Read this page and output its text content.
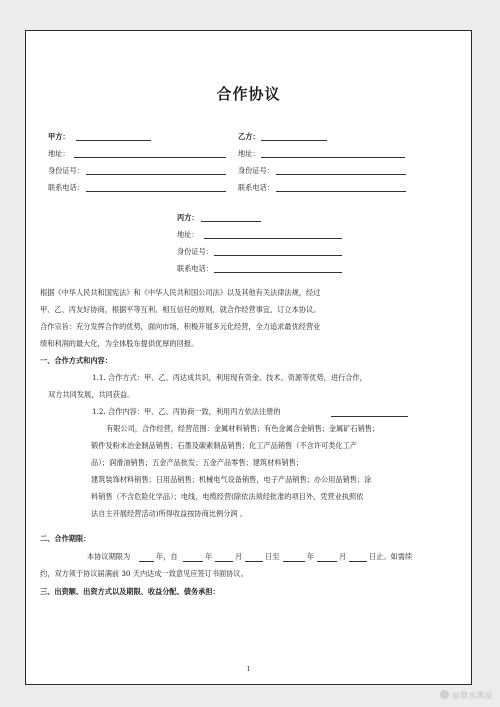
合作协议
甲方：	乙方：
地址：	地址：
身份证号：	身份证号：
联系电话：	联系电话：
丙方：
地址：
身份证号：
联系电话：
根据《中华人民共和国宪法》和《中华人民共和国公司法》以及其他有关法律法规，经过
甲、乙、丙友好协商，根据平等互利、相互信任的原则，就合作经营事宜，订立本协议。
合作宗旨：充分发挥合作的优势，面向市场，积极开展多元化经营，全力追求最优经营业
绩和利润的最大化，为全体股东提供优厚的回报。
一、合作方式和内容：
1.1. 合作方式：甲、乙、丙达成共识，利用现有资金、技术、资源等优势，进行合作，
双方共同发展，共同获益。
1.2. 合作内容：甲、乙、丙协商一致，利用丙方依法注册的
有限公司，合作经营，经营范围：金属材料销售；有色金属合金销售；金属矿石销售；
锻件及粉末冶金制品销售；石墨及碳素制品销售；化工产品销售（不含许可类化工产
品）；润滑油销售；五金产品批发；五金产品零售；建筑材料销售；
建筑装饰材料销售；日用品销售；机械电气设备销售，电子产品销售；办公用品销售；涂
料销售（不含危险化学品）；电线、电缆经营(除依法须经批准的项目外，凭营业执照依
法自主开展经营活动)所得收益按协商比例分润 。
二、合作期限：
本协议期限为	年，自	年	月	日至	年	月	日止。如需续
约，双方须于协议届满前 30 天内达成一致意见应签订书面协议。
三、出资额、出资方式以及期限、收益分配、债务承担：
1
@鼎水满溢
